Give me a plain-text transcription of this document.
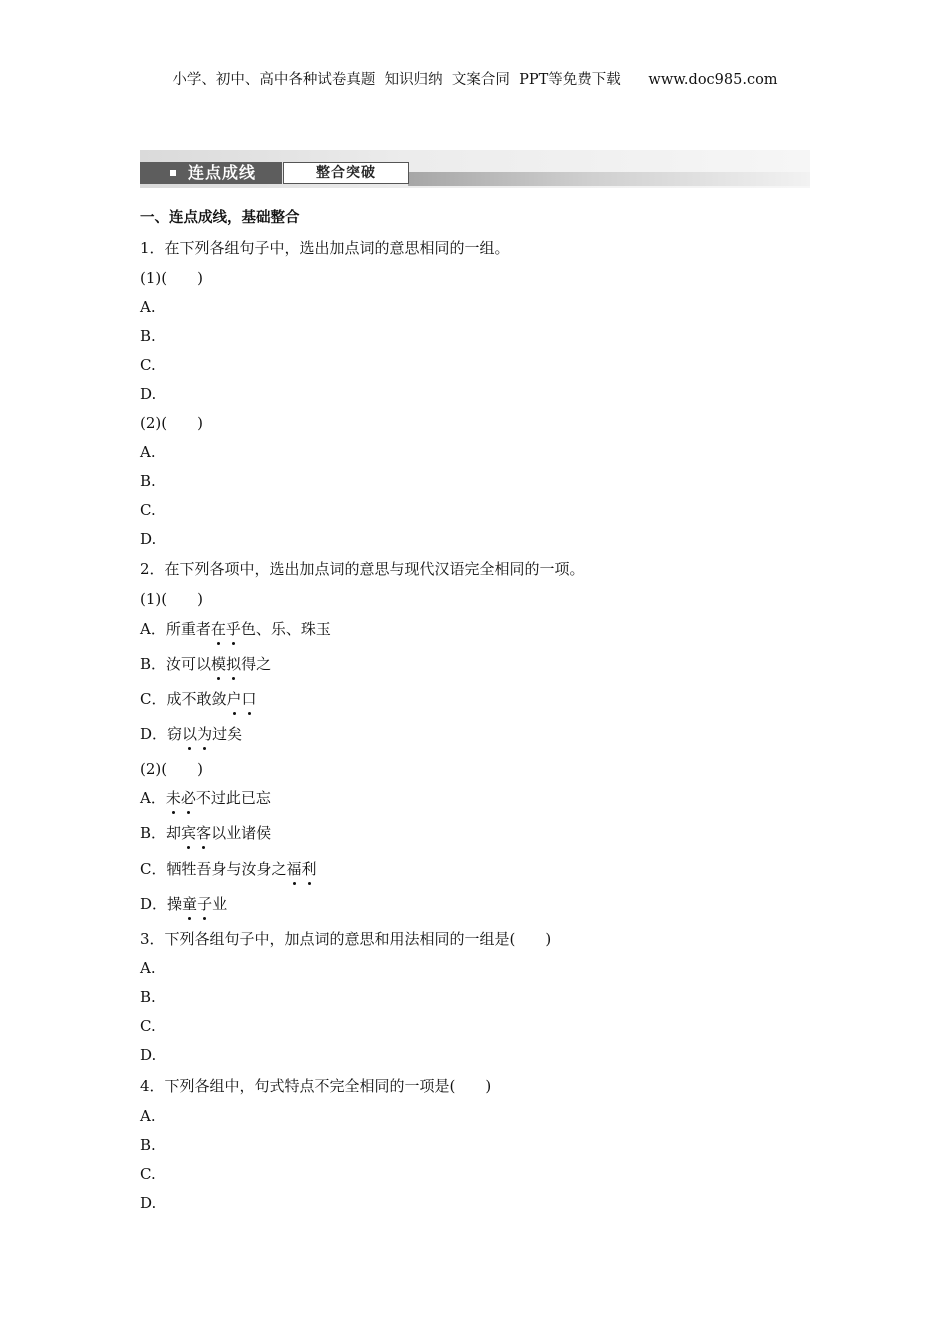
小学、初中、高中各种试卷真题  知识归纳  文案合同  PPT等免费下载      www.doc985.com
连点成线	整合突破
一、连点成线，基础整合
1．在下列各组句子中，选出加点词的意思相同的一组。
(1)(　　)
A.
B.
C.
D.
(2)(　　)
A.
B.
C.
D.
2．在下列各项中，选出加点词的意思与现代汉语完全相同的一项。
(1)(　　)
A．所重者在乎色、乐、珠玉
B．汝可以模拟得之
C．成不敢敛户口
D．窃以为过矣
(2)(　　)
A．未必不过此已忘
B．却宾客以业诸侯
C．牺牲吾身与汝身之福利
D．操童子业
3．下列各组句子中，加点词的意思和用法相同的一组是(　　)
A.
B.
C.
D.
4．下列各组中，句式特点不完全相同的一项是(　　)
A.
B.
C.
D.
